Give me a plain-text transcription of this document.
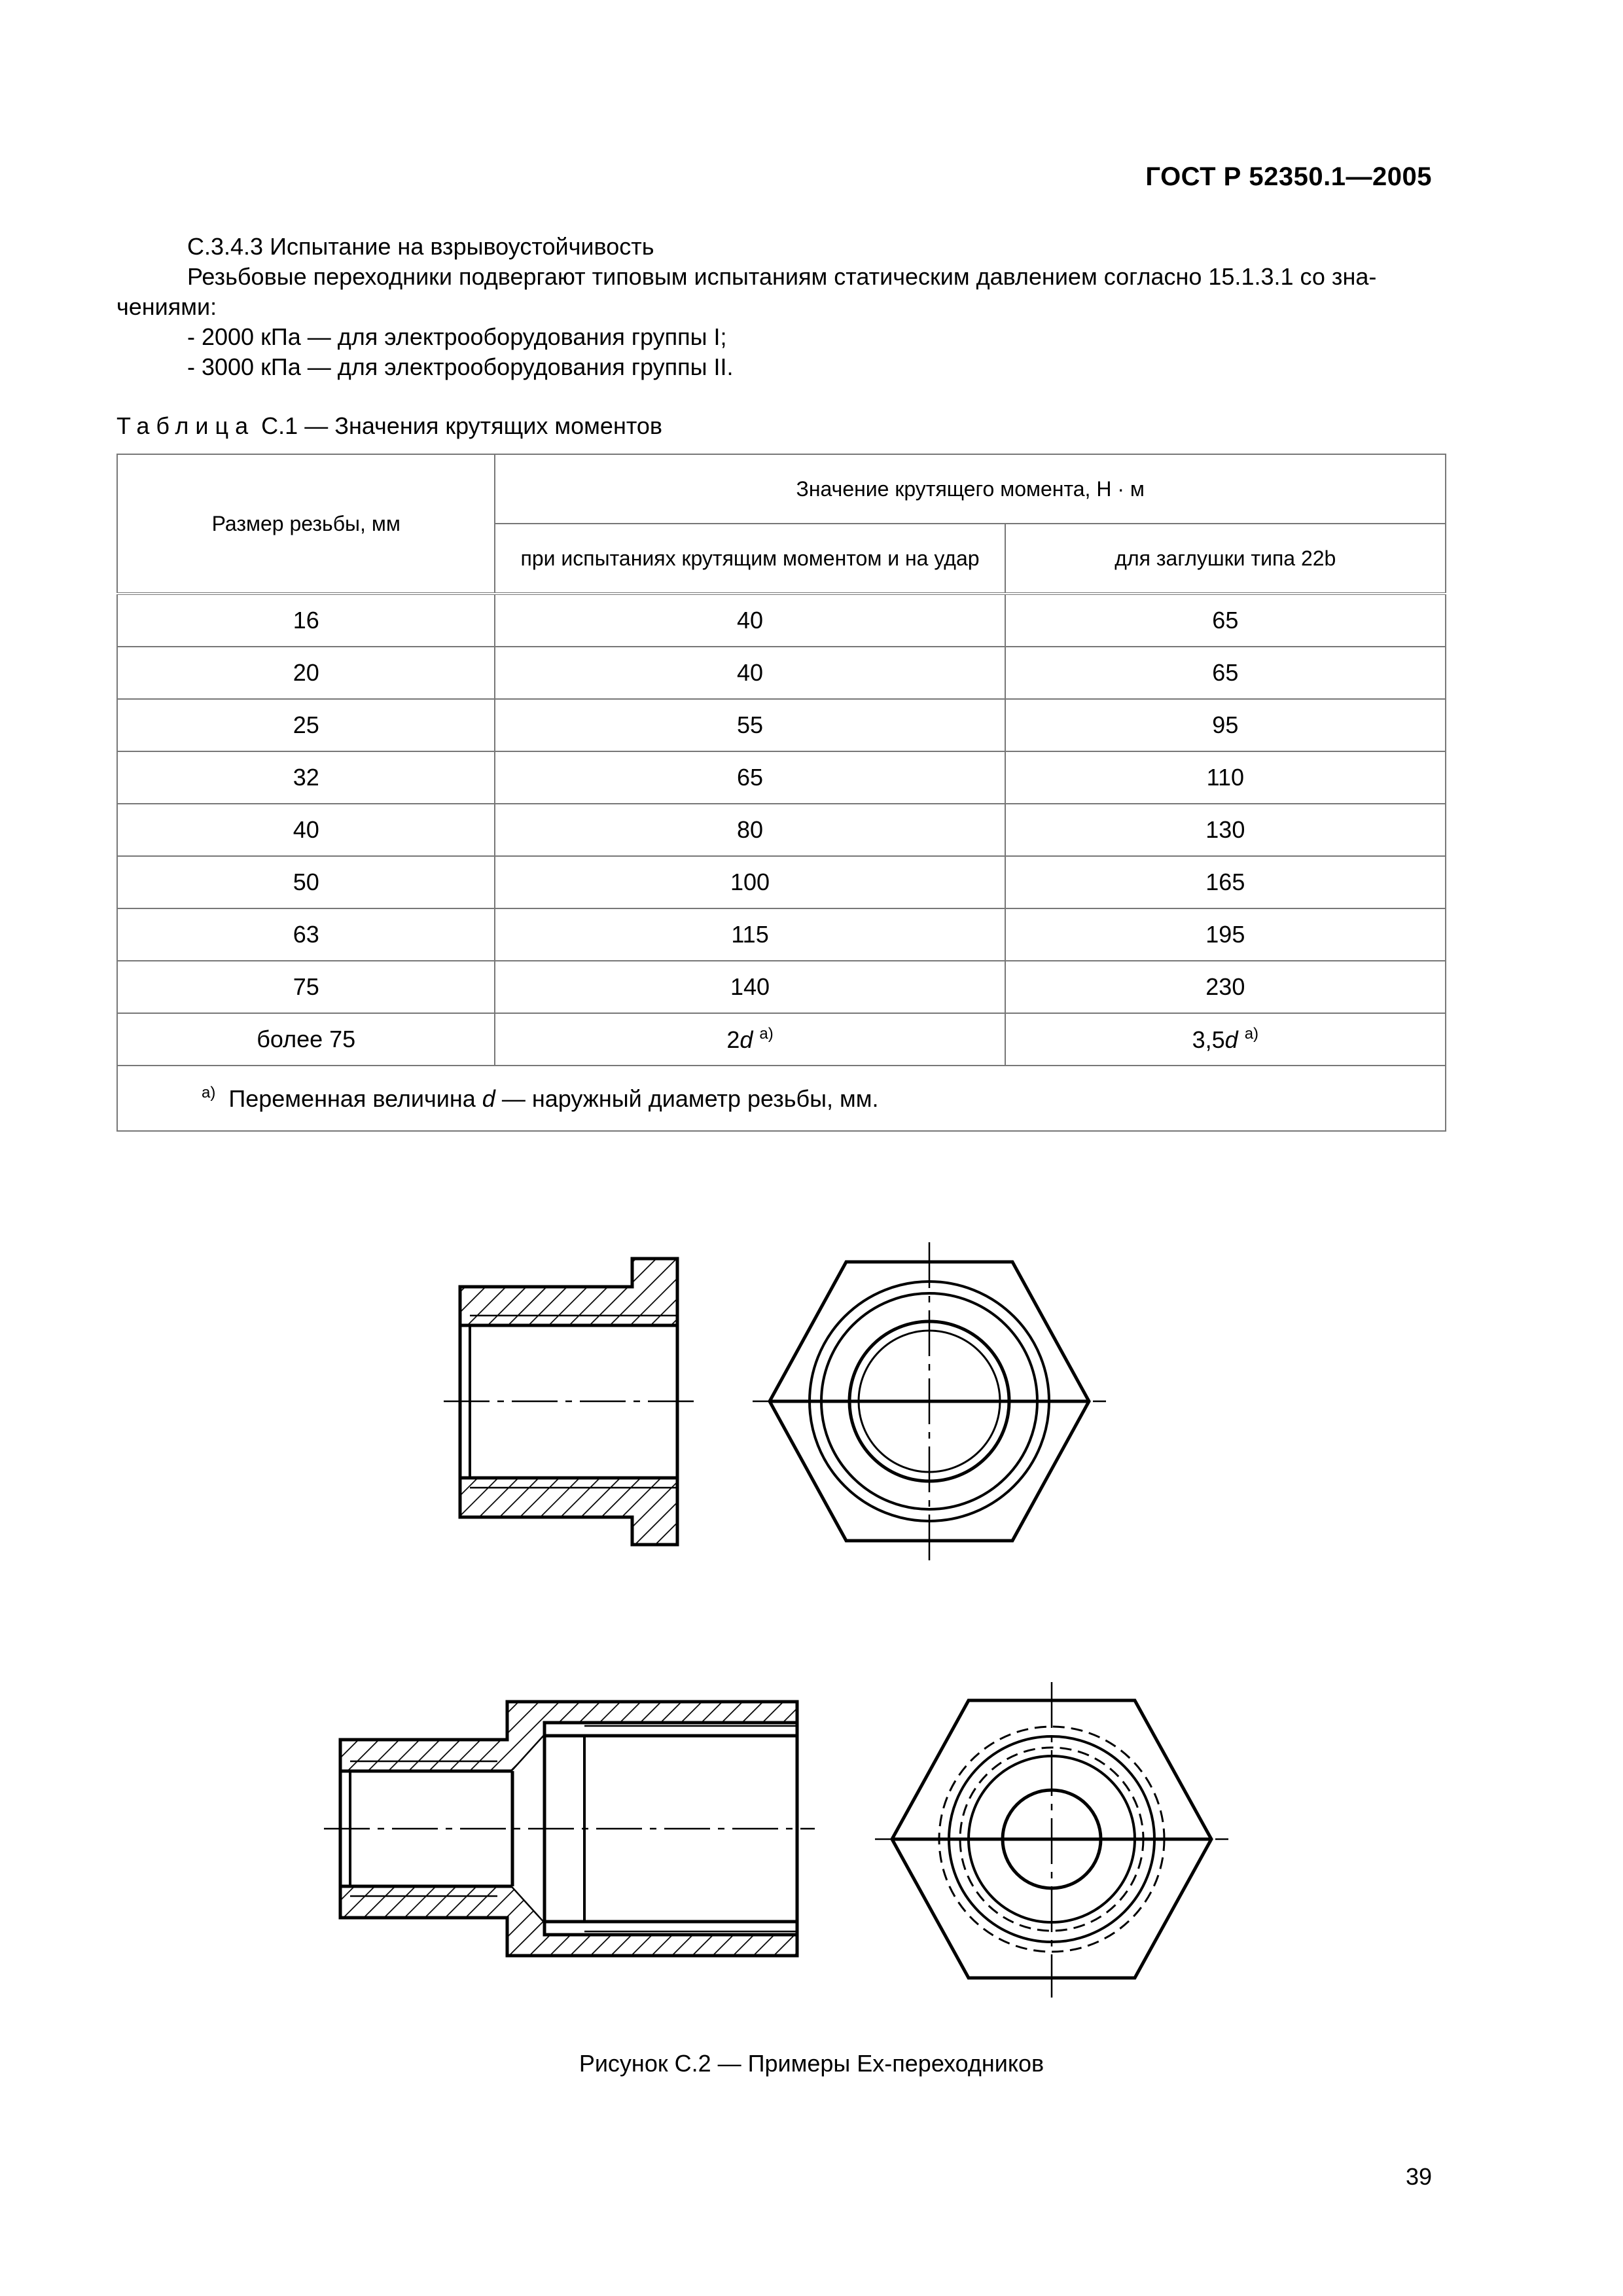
ГОСТ Р 52350.1—2005
С.3.4.3 Испытание на взрывоустойчивость
Резьбовые переходники подвергают типовым испытаниям статическим давлением согласно 15.1.3.1 со зна-
чениями:
- 2000 кПа — для электрооборудования группы I;
- 3000 кПа — для электрооборудования группы II.
Таблица С.1 — Значения крутящих моментов
Размер резьбы, мм	Значение крутящего момента, Н · м	
	при испытаниях крутящим моментом и на удар	для заглушки типа 22b
16	40	65
20	40	65
25	55	95
32	65	110
40	80	130
50	100	165
63	115	195
75	140	230
более 75	2d $^{а)}$	3,5d $^{а)}$
$^{а)}$ Переменная величина d — наружный диаметр резьбы, мм.		
Рисунок С.2 — Примеры Ex-переходников
39
